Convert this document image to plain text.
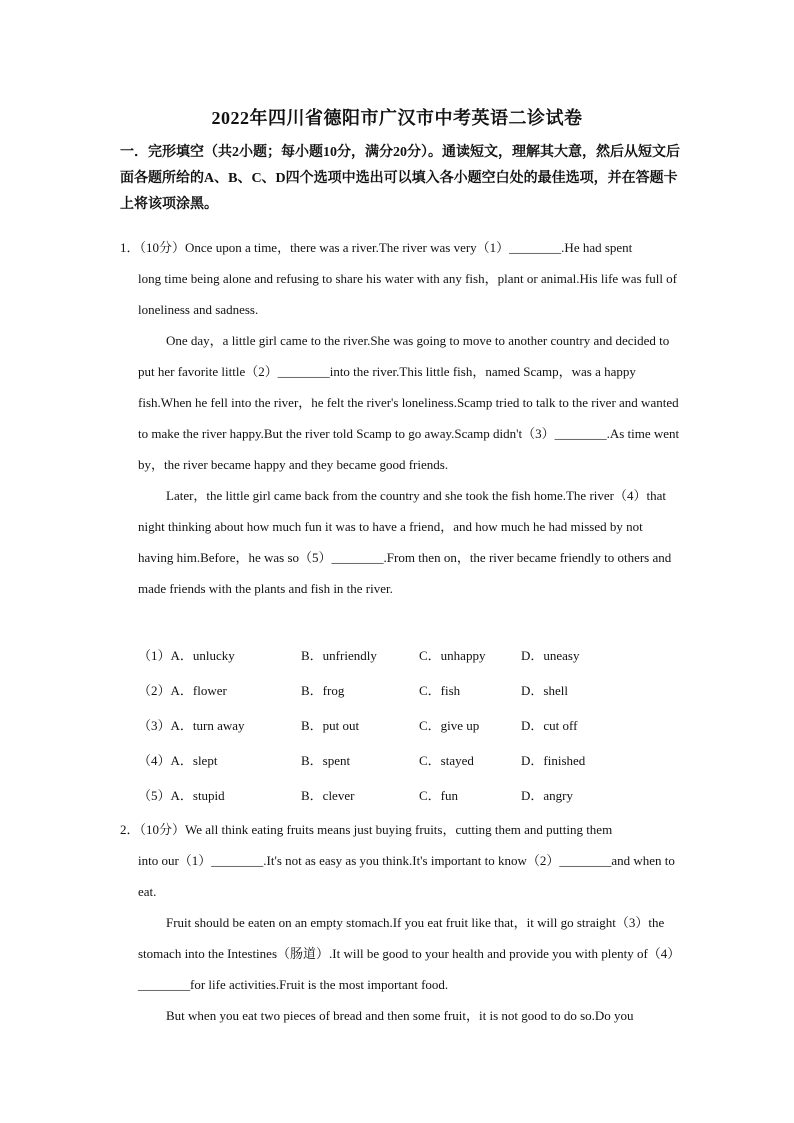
2022年四川省德阳市广汉市中考英语二诊试卷
一．完形填空（共2小题；每小题10分，满分20分）。通读短文，理解其大意，然后从短文后面各题所给的A、B、C、D四个选项中选出可以填入各小题空白处的最佳选项，并在答题卡上将该项涂黑。
1．（10分）Once upon a time，there was a river.The river was very（1）________.He had spent
long time being alone and refusing to share his water with any fish，plant or animal.His life was full of loneliness and sadness.
One day，a little girl came to the river.She was going to move to another country and decided to put her favorite little（2）________into the river.This little fish，named Scamp，was a happy fish.When he fell into the river，he felt the river's loneliness.Scamp tried to talk to the river and wanted to make the river happy.But the river told Scamp to go away.Scamp didn't（3）________.As time went by，the river became happy and they became good friends.
Later，the little girl came back from the country and she took the fish home.The river（4）that night thinking about how much fun it was to have a friend，and how much he had missed by not having him.Before，he was so（5）________.From then on，the river became friendly to others and made friends with the plants and fish in the river.
（1）A．unlucky	B．unfriendly	C．unhappy	D．uneasy
（2）A．flower	B．frog	C．fish	D．shell
（3）A．turn away	B．put out	C．give up	D．cut off
（4）A．slept	B．spent	C．stayed	D．finished
（5）A．stupid	B．clever	C．fun	D．angry
2．（10分）We all think eating fruits means just buying fruits，cutting them and putting them
into our（1）________.It's not as easy as you think.It's important to know（2）________and when to eat.
Fruit should be eaten on an empty stomach.If you eat fruit like that，it will go straight（3）the stomach into the Intestines（肠道）.It will be good to your health and provide you with plenty of（4）________for life activities.Fruit is the most important food.
But when you eat two pieces of bread and then some fruit，it is not good to do so.Do you
